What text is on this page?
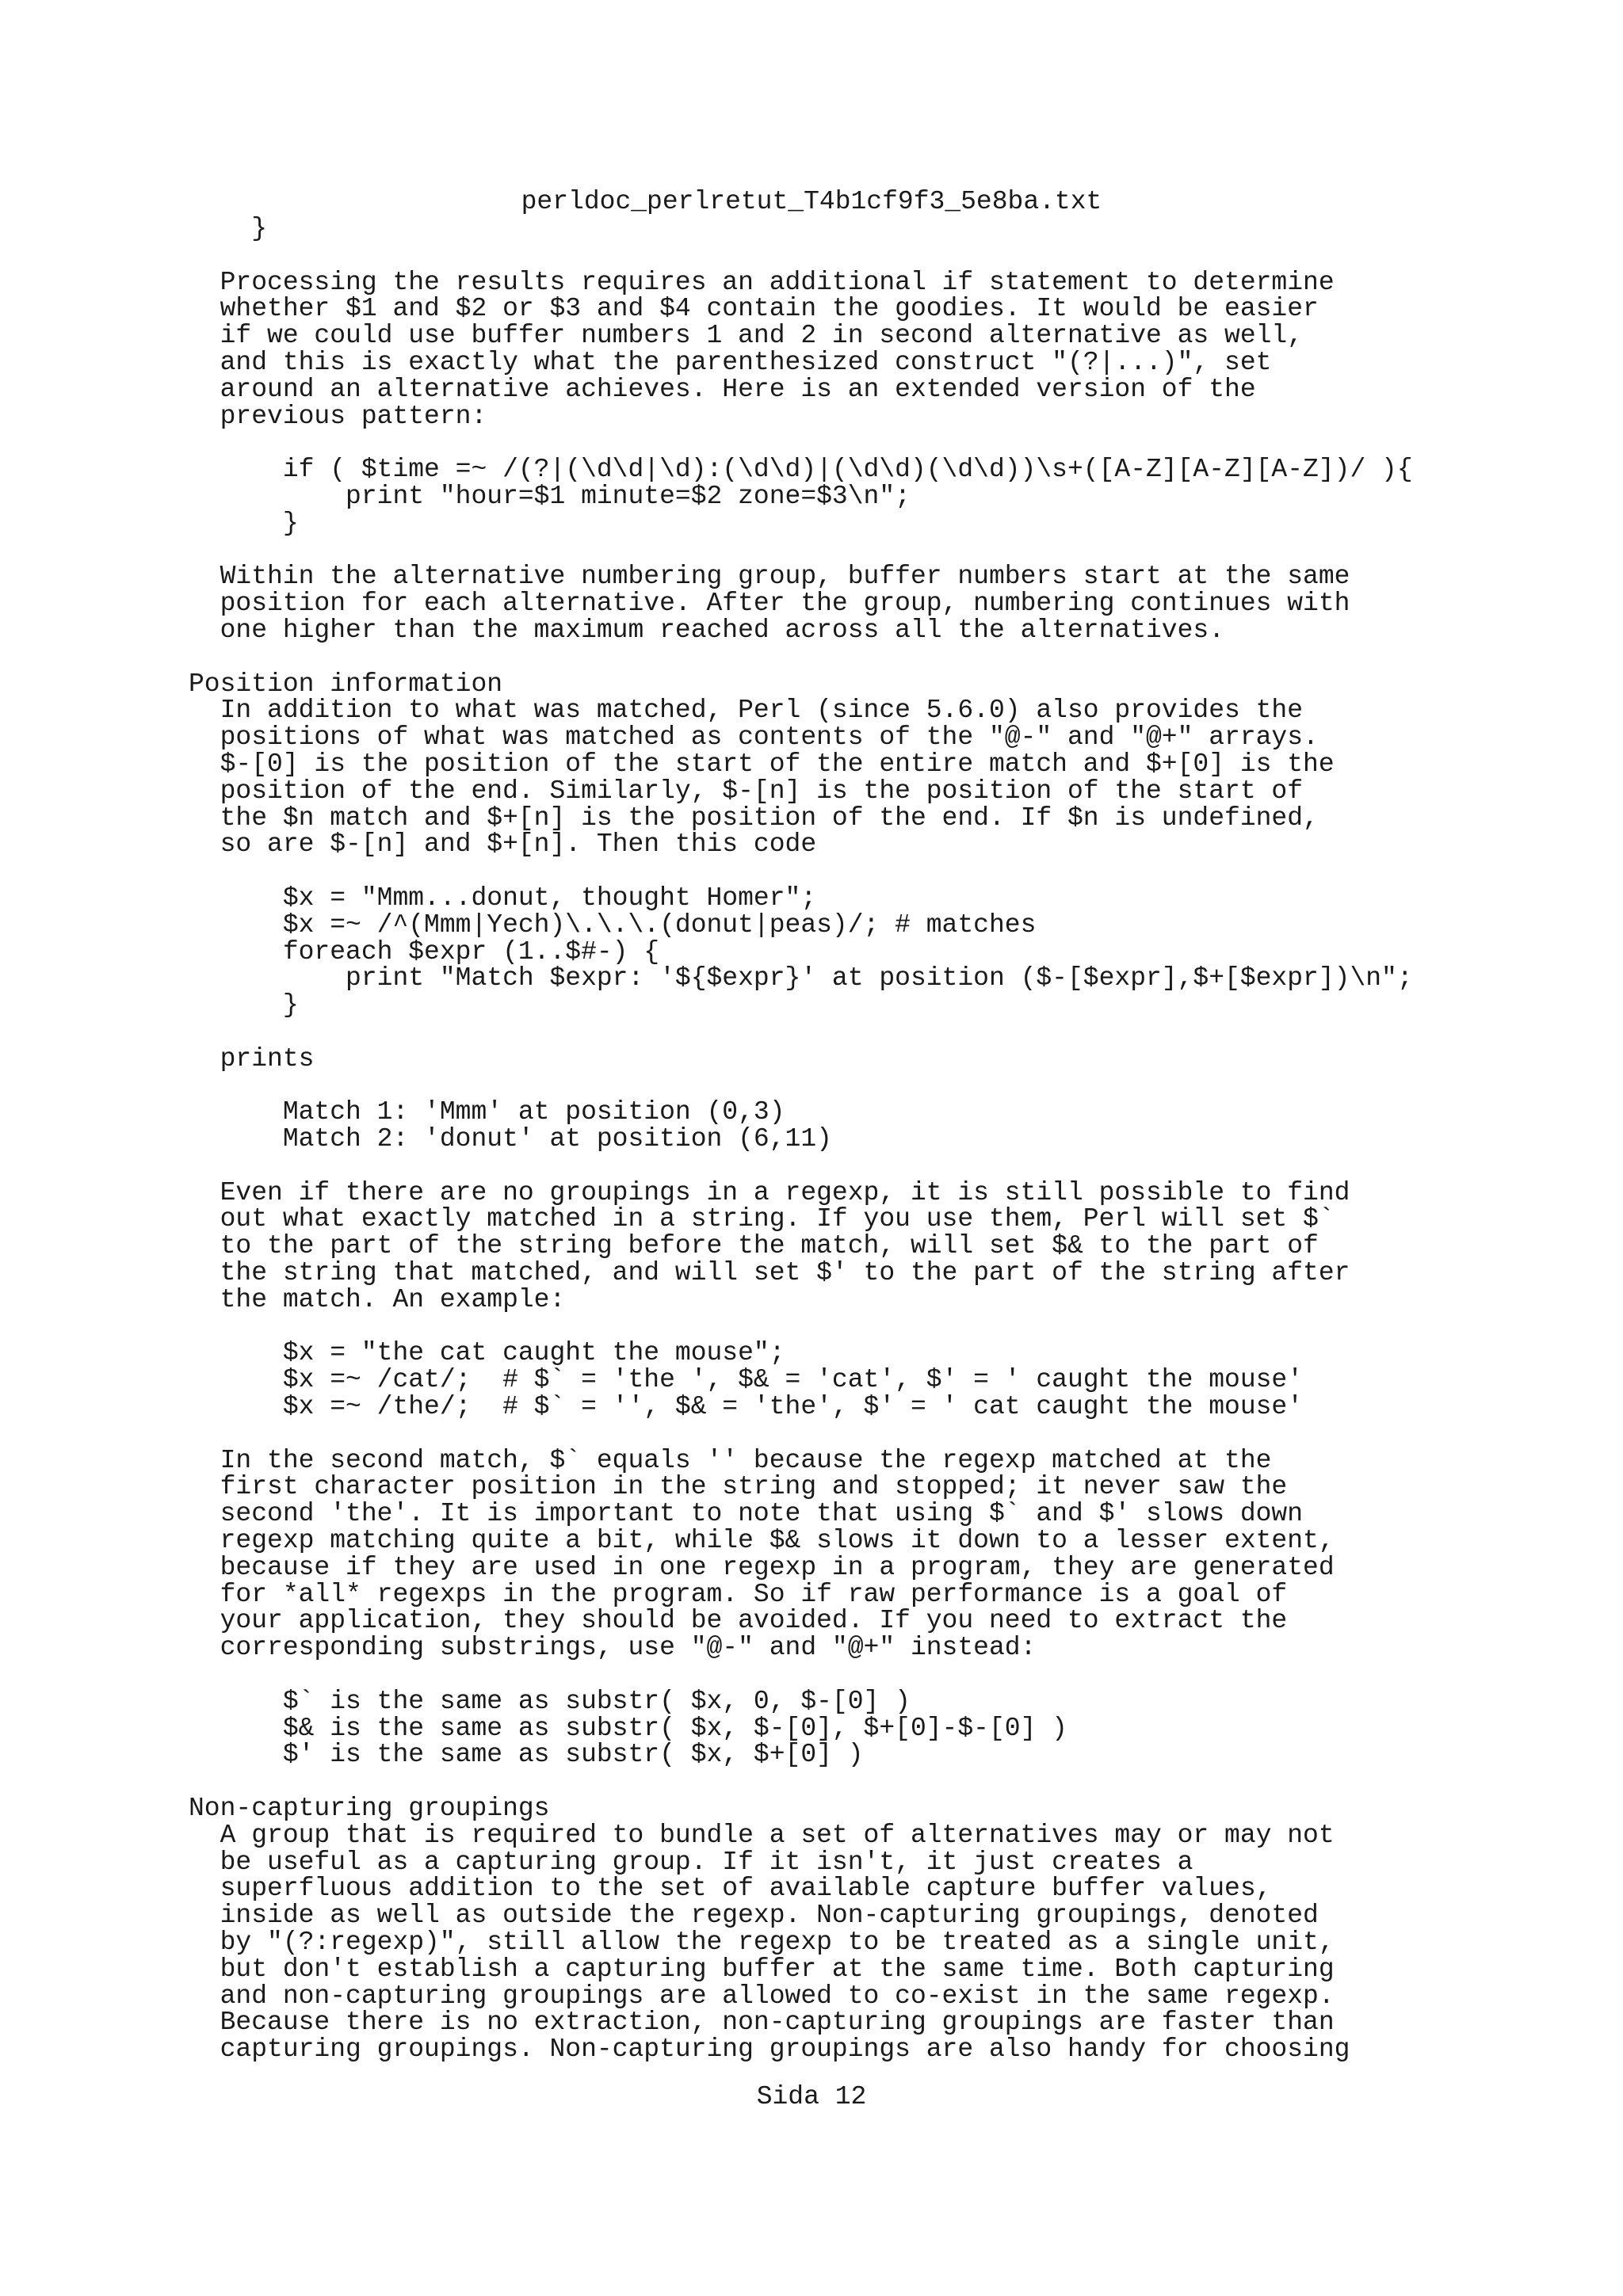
perldoc_perlretut_T4b1cf9f3_5e8ba.txt
}

Processing the results requires an additional if statement to determine
whether $1 and $2 or $3 and $4 contain the goodies. It would be easier
if we could use buffer numbers 1 and 2 in second alternative as well,
and this is exactly what the parenthesized construct "(?|...)", set
around an alternative achieves. Here is an extended version of the
previous pattern:

if ( $time =~ /(?|(\d\d|\d):(\d\d)|(\d\d)(\d\d))\s+([A-Z][A-Z][A-Z])/ ){
print "hour=$1 minute=$2 zone=$3\n";
}

Within the alternative numbering group, buffer numbers start at the same
position for each alternative. After the group, numbering continues with
one higher than the maximum reached across all the alternatives.

Position information
In addition to what was matched, Perl (since 5.6.0) also provides the
positions of what was matched as contents of the "@-" and "@+" arrays.
$-[0] is the position of the start of the entire match and $+[0] is the
position of the end. Similarly, $-[n] is the position of the start of
the $n match and $+[n] is the position of the end. If $n is undefined,
so are $-[n] and $+[n]. Then this code

$x = "Mmm...donut, thought Homer";
$x =~ /^(Mmm|Yech)\.\.\.(donut|peas)/; # matches
foreach $expr (1..$#-) {
print "Match $expr: '${$expr}' at position ($-[$expr],$+[$expr])\n";
}

prints

Match 1: 'Mmm' at position (0,3)
Match 2: 'donut' at position (6,11)

Even if there are no groupings in a regexp, it is still possible to find
out what exactly matched in a string. If you use them, Perl will set $`
to the part of the string before the match, will set $& to the part of
the string that matched, and will set $' to the part of the string after
the match. An example:

$x = "the cat caught the mouse";
$x =~ /cat/;  # $` = 'the ', $& = 'cat', $' = ' caught the mouse'
$x =~ /the/;  # $` = '', $& = 'the', $' = ' cat caught the mouse'

In the second match, $` equals '' because the regexp matched at the
first character position in the string and stopped; it never saw the
second 'the'. It is important to note that using $` and $' slows down
regexp matching quite a bit, while $& slows it down to a lesser extent,
because if they are used in one regexp in a program, they are generated
for *all* regexps in the program. So if raw performance is a goal of
your application, they should be avoided. If you need to extract the
corresponding substrings, use "@-" and "@+" instead:

$` is the same as substr( $x, 0, $-[0] )
$& is the same as substr( $x, $-[0], $+[0]-$-[0] )
$' is the same as substr( $x, $+[0] )

Non-capturing groupings
A group that is required to bundle a set of alternatives may or may not
be useful as a capturing group. If it isn't, it just creates a
superfluous addition to the set of available capture buffer values,
inside as well as outside the regexp. Non-capturing groupings, denoted
by "(?:regexp)", still allow the regexp to be treated as a single unit,
but don't establish a capturing buffer at the same time. Both capturing
and non-capturing groupings are allowed to co-exist in the same regexp.
Because there is no extraction, non-capturing groupings are faster than
capturing groupings. Non-capturing groupings are also handy for choosing
Sida 12
